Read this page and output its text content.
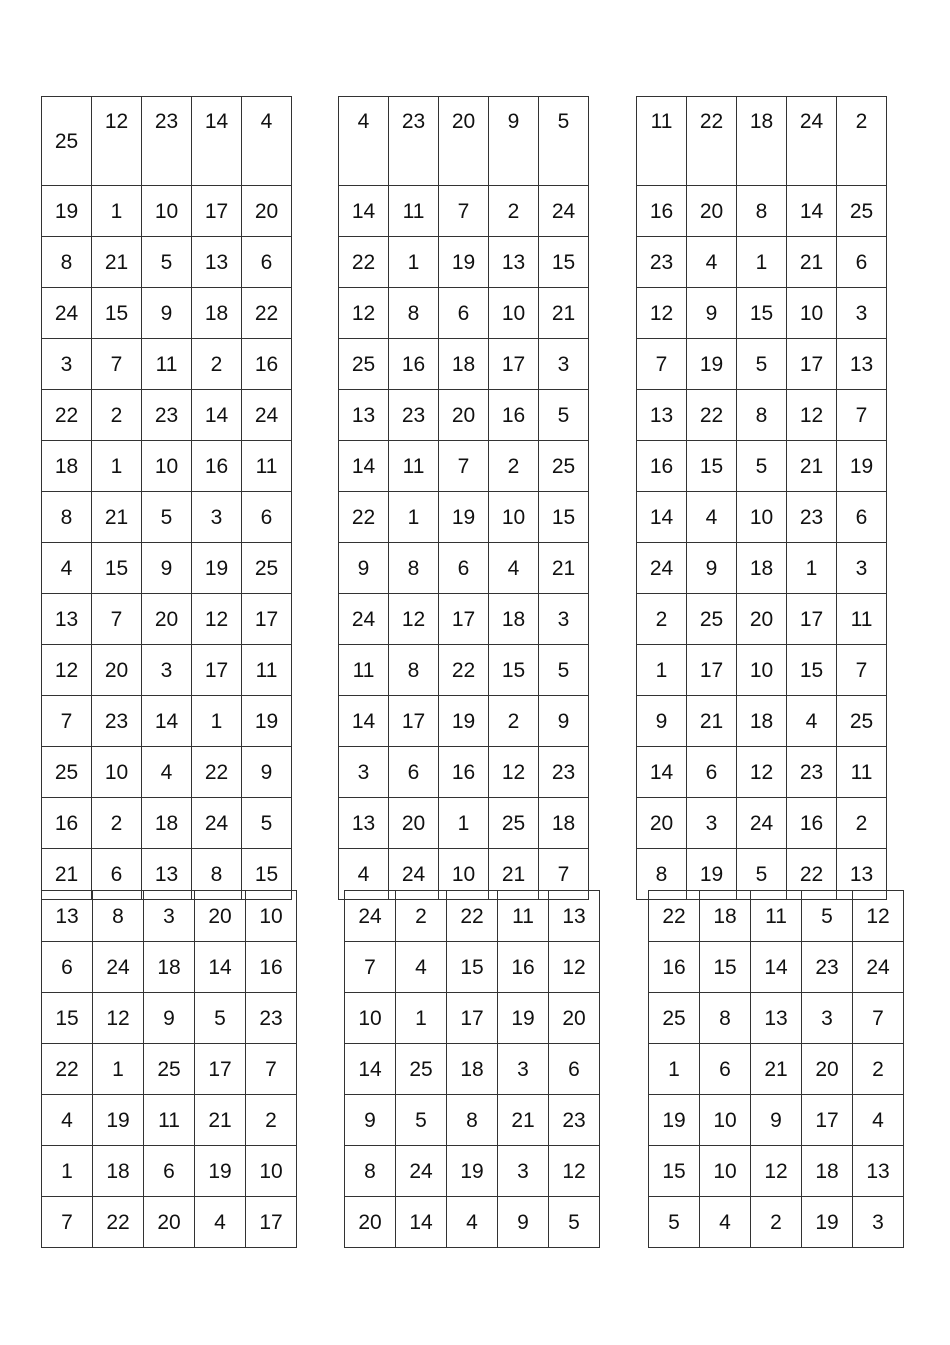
25	12	23	14	4
19	1	10	17	20
8	21	5	13	6
24	15	9	18	22
3	7	11	2	16
22	2	23	14	24
18	1	10	16	11
8	21	5	3	6
4	15	9	19	25
13	7	20	12	17
12	20	3	17	11
7	23	14	1	19
25	10	4	22	9
16	2	18	24	5
21	6	13	8	15
4	23	20	9	5
14	11	7	2	24
22	1	19	13	15
12	8	6	10	21
25	16	18	17	3
13	23	20	16	5
14	11	7	2	25
22	1	19	10	15
9	8	6	4	21
24	12	17	18	3
11	8	22	15	5
14	17	19	2	9
3	6	16	12	23
13	20	1	25	18
4	24	10	21	7
11	22	18	24	2
16	20	8	14	25
23	4	1	21	6
12	9	15	10	3
7	19	5	17	13
13	22	8	12	7
16	15	5	21	19
14	4	10	23	6
24	9	18	1	3
2	25	20	17	11
1	17	10	15	7
9	21	18	4	25
14	6	12	23	11
20	3	24	16	2
8	19	5	22	13
13	8	3	20	10
6	24	18	14	16
15	12	9	5	23
22	1	25	17	7
4	19	11	21	2
1	18	6	19	10
7	22	20	4	17
24	2	22	11	13
7	4	15	16	12
10	1	17	19	20
14	25	18	3	6
9	5	8	21	23
8	24	19	3	12
20	14	4	9	5
22	18	11	5	12
16	15	14	23	24
25	8	13	3	7
1	6	21	20	2
19	10	9	17	4
15	10	12	18	13
5	4	2	19	3
